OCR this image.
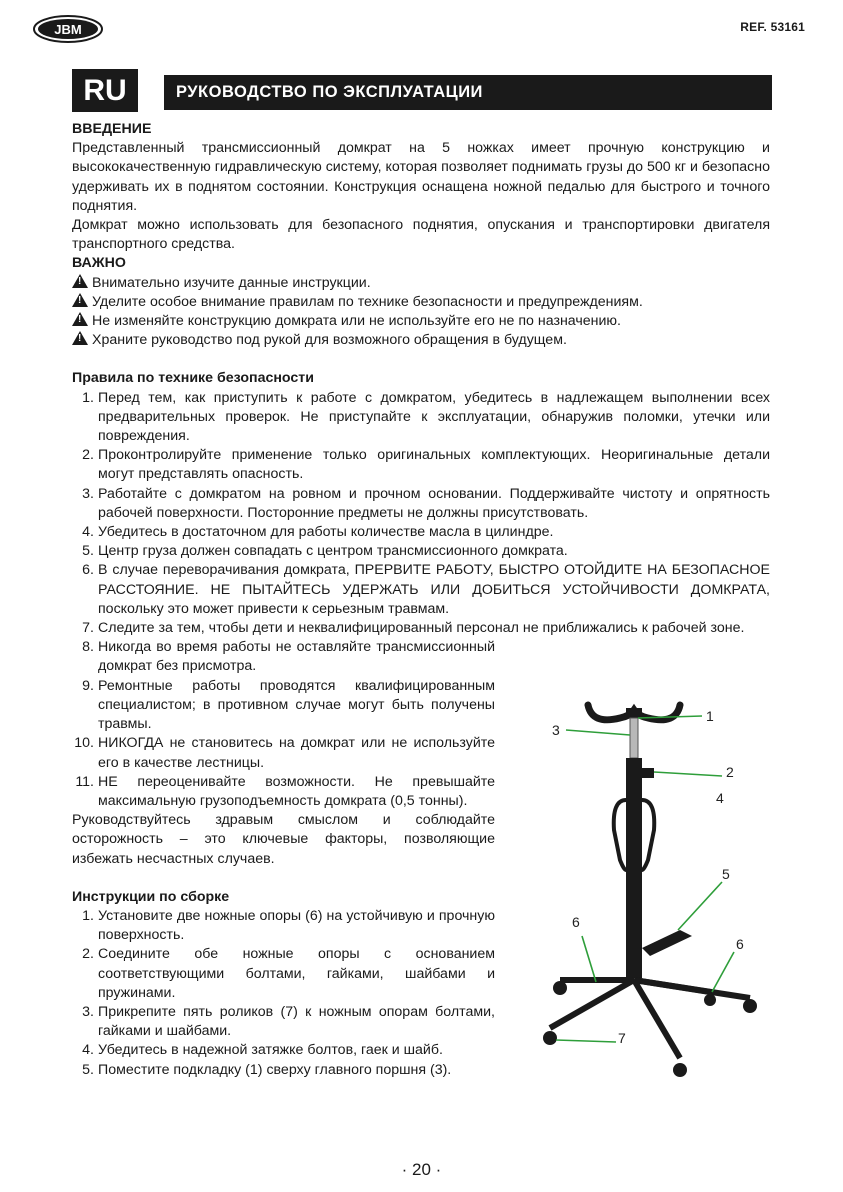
JBM	REF. 53161
RU	РУКОВОДСТВО ПО ЭКСПЛУАТАЦИИ

ВВЕДЕНИЕ

Представленный трансмиссионный домкрат на 5 ножках имеет прочную конструкцию и высококачественную гидравлическую систему, которая позволяет поднимать грузы до 500 кг и безопасно удерживать их в поднятом состоянии. Конструкция оснащена ножной педалью для быстрого и точного поднятия.

Домкрат можно использовать для безопасного поднятия, опускания и транспортировки двигателя транспортного средства.

ВАЖНО

!Внимательно изучите данные инструкции.

!Уделите особое внимание правилам по технике безопасности и предупреждениям.

!Не изменяйте конструкцию домкрата или не используйте его не по назначению.

!Храните руководство под рукой для возможного обращения в будущем.

Правила по технике безопасности

1. Перед тем, как приступить к работе с домкратом, убедитесь в надлежащем выполнении всех предварительных проверок. Не приступайте к эксплуатации, обнаружив поломки, утечки или повреждения.
2. Проконтролируйте применение только оригинальных комплектующих. Неоригинальные детали могут представлять опасность.
3. Работайте с домкратом на ровном и прочном основании. Поддерживайте чистоту и опрятность рабочей поверхности. Посторонние предметы не должны присутствовать.
4. Убедитесь в достаточном для работы количестве масла в цилиндре.
5. Центр груза должен совпадать с центром трансмиссионного домкрата.
6. В случае переворачивания домкрата, ПРЕРВИТЕ РАБОТУ, БЫСТРО ОТОЙДИТЕ НА БЕЗОПАСНОЕ РАССТОЯНИЕ. НЕ ПЫТАЙТЕСЬ УДЕРЖАТЬ ИЛИ ДОБИТЬСЯ УСТОЙЧИВОСТИ ДОМКРАТА, поскольку это может привести к серьезным травмам.
7. Следите за тем, чтобы дети и неквалифицированный персонал не приближались к рабочей зоне.
8. Никогда во время работы не оставляйте трансмиссионный домкрат без присмотра.
9. Ремонтные работы проводятся квалифицированным специалистом; в противном случае могут быть получены травмы.
10. НИКОГДА не становитесь на домкрат или не используйте его в качестве лестницы.
11. НЕ переоценивайте возможности. Не превышайте максимальную грузоподъемность домкрата (0,5 тонны).

Руководствуйтесь здравым смыслом и соблюдайте осторожность – это ключевые факторы, позволяющие избежать несчастных случаев.

Инструкции по сборке

1. Установите две ножные опоры (6) на устойчивую и прочную поверхность.
2. Соедините обе ножные опоры с основанием соответствующими болтами, гайками, шайбами и пружинами.
3. Прикрепите пять роликов (7) к ножным опорам болтами, гайками и шайбами.
4. Убедитесь в надежной затяжке болтов, гаек и шайб.
5. Поместите подкладку (1) сверху главного поршня (3).
1
2
3
4
5
6
6
7
· 20 ·
